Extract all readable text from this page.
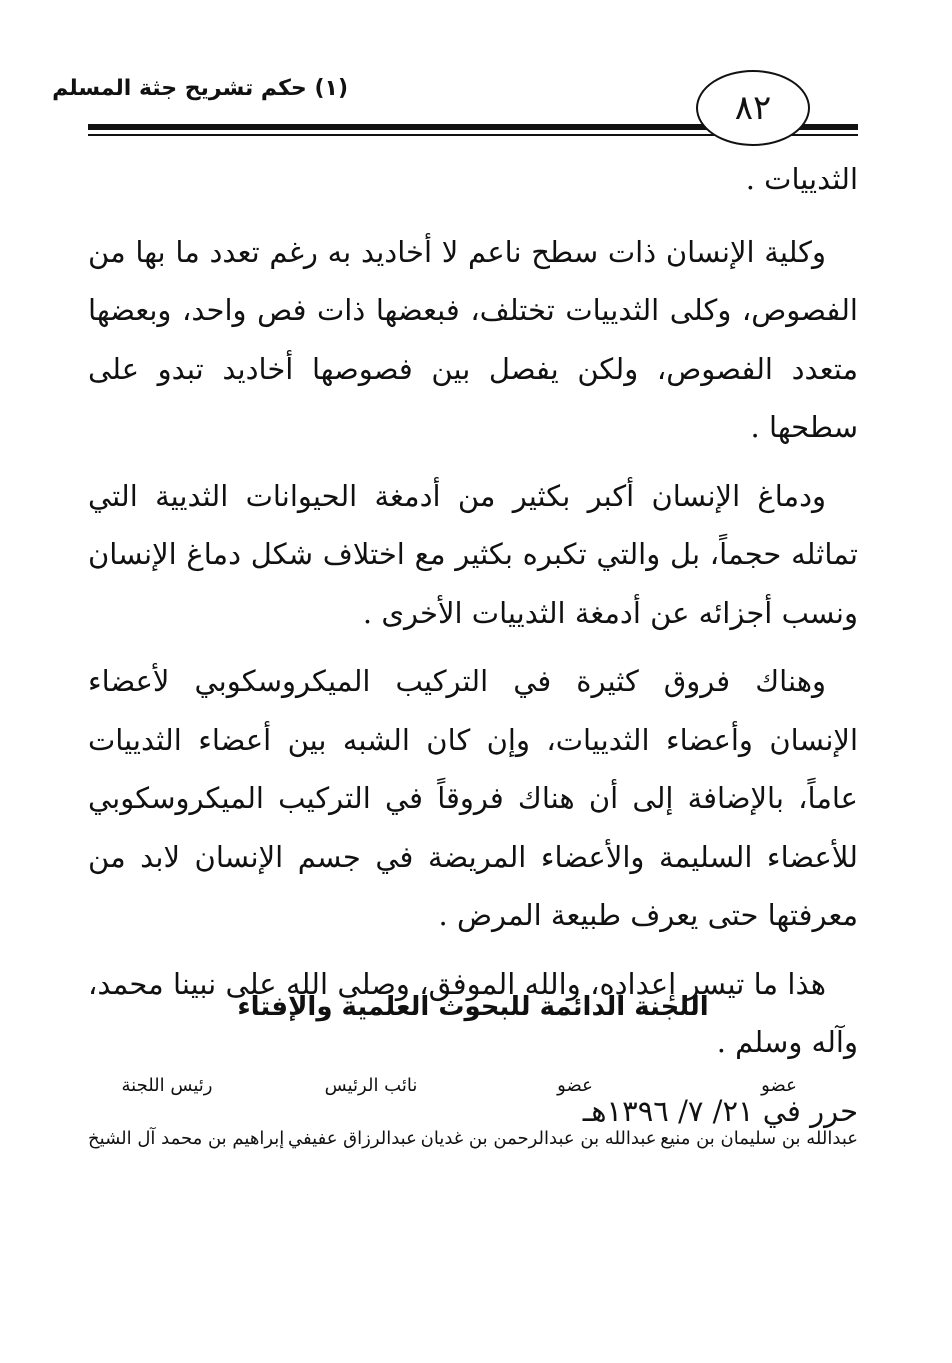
٨٢
(١) حكم تشريح جثة المسلم

الثدييات .

وكلية الإنسان ذات سطح ناعم لا أخاديد به رغم تعدد ما بها من الفصوص، وكلى الثدييات تختلف، فبعضها ذات فص واحد، وبعضها متعدد الفصوص، ولكن يفصل بين فصوصها أخاديد تبدو على سطحها .

ودماغ الإنسان أكبر بكثير من أدمغة الحيوانات الثديية التي تماثله حجماً، بل والتي تكبره بكثير مع اختلاف شكل دماغ الإنسان ونسب أجزائه عن أدمغة الثدييات الأخرى .

وهناك فروق كثيرة في التركيب الميكروسكوبي لأعضاء الإنسان وأعضاء الثدييات، وإن كان الشبه بين أعضاء الثدييات عاماً، بالإضافة إلى أن هناك فروقاً في التركيب الميكروسكوبي للأعضاء السليمة والأعضاء المريضة في جسم الإنسان لابد من معرفتها حتى يعرف طبيعة المرض .

هذا ما تيسر إعداده، والله الموفق، وصلى الله على نبينا محمد، وآله وسلم .

حرر في ٢١/ ٧/ ١٣٩٦هـ

اللجنة الدائمة للبحوث العلمية والإفتاء
عضو
عضو
نائب الرئيس
رئيس اللجنة
عبدالله بن سليمان بن منيع
عبدالله بن عبدالرحمن بن غديان
عبدالرزاق عفيفي
إبراهيم بن محمد آل الشيخ
